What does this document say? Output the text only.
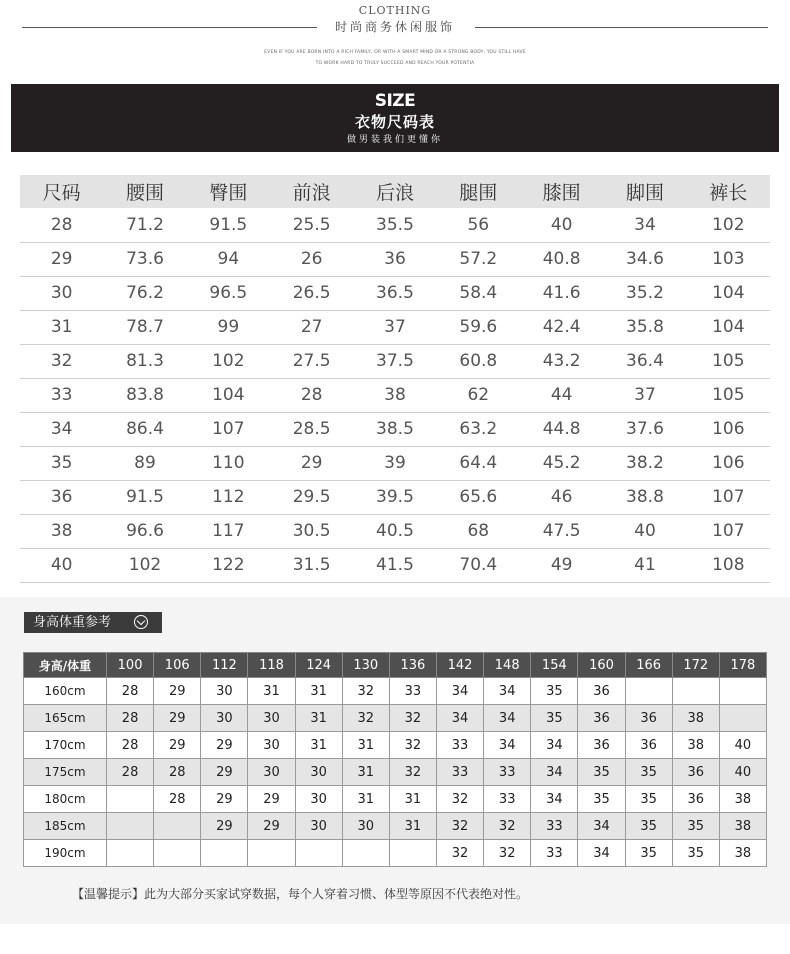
CLOTHING
时尚商务休闲服饰
EVEN IF YOU ARE BORN INTO A RICH FAMILY, OR WITH A SMART MIND OR A STRONG BODY, YOU STILL HAVE
TO WORK HARD TO TRULY SUCCEED AND REACH YOUR POTENTIA
SIZE
衣物尺码表
做男装我们更懂你
尺码	腰围	臀围	前浪	后浪	腿围	膝围	脚围	裤长
28	71.2	91.5	25.5	35.5	56	40	34	102
29	73.6	94	26	36	57.2	40.8	34.6	103
30	76.2	96.5	26.5	36.5	58.4	41.6	35.2	104
31	78.7	99	27	37	59.6	42.4	35.8	104
32	81.3	102	27.5	37.5	60.8	43.2	36.4	105
33	83.8	104	28	38	62	44	37	105
34	86.4	107	28.5	38.5	63.2	44.8	37.6	106
35	89	110	29	39	64.4	45.2	38.2	106
36	91.5	112	29.5	39.5	65.6	46	38.8	107
38	96.6	117	30.5	40.5	68	47.5	40	107
40	102	122	31.5	41.5	70.4	49	41	108
身高体重参考
身高/体重	100	106	112	118	124	130	136	142	148	154	160	166	172	178
160cm	28	29	30	31	31	32	33	34	34	35	36			
165cm	28	29	30	30	31	32	32	34	34	35	36	36	38	
170cm	28	29	29	30	31	31	32	33	34	34	36	36	38	40
175cm	28	28	29	30	30	31	32	33	33	34	35	35	36	40
180cm		28	29	29	30	31	31	32	33	34	35	35	36	38
185cm			29	29	30	30	31	32	32	33	34	35	35	38
190cm								32	32	33	34	35	35	38
【温馨提示】此为大部分买家试穿数据，每个人穿着习惯、体型等原因不代表绝对性。
